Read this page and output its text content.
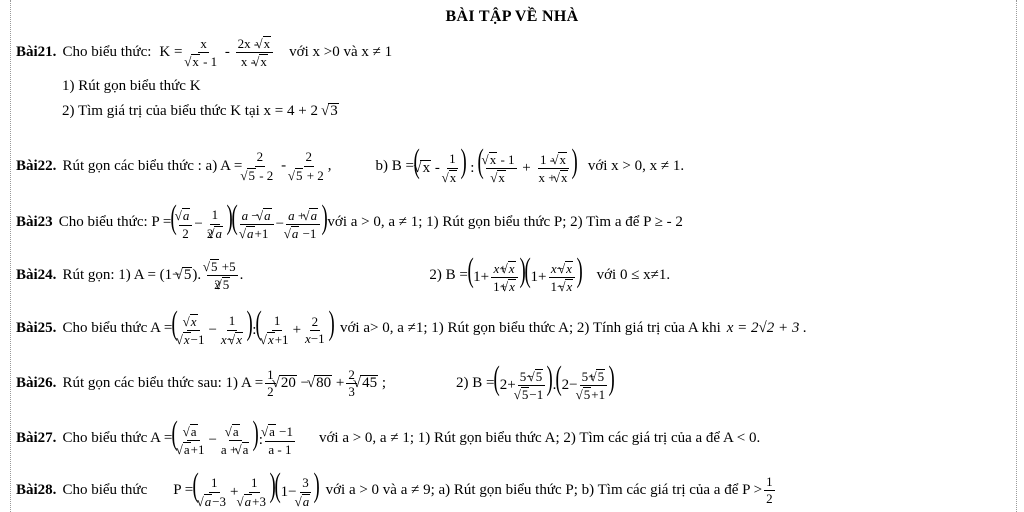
BÀI TẬP VỀ NHÀ
Bài21. Cho biểu thức: K = x
√ x - $1 - \frac{2x - √ x}{x - √ x}$ với x >0 và x ≠ 1
1) Rút gọn biểu thức K
2) Tìm giá trị của biểu thức K tại x = 4 + 2 √ 3
Bài22. Rút gọn các biểu thức : a) A = 2
√ 5 - 2 - 2
√ 5 + 2 ,	b) B = ( √ x - 1
√ x ) : ( √ x - 1
√ $x + \frac{1 - √ x}{x + √ x}$ ) với x > 0, x ≠ 1.
Bài23 Cho biểu thức: P = ( √ $\frac{a}{2} - \frac{1}{2 √ a}$ )( a − √ a
√ a+1 − a + √ a
√ a −1 ) với a > 0, a ≠ 1; 1) Rút gọn biểu thức P; 2) Tìm a để P ≥ - 2
Bài24. Rút gọn: 1) A = (1− √ 5). √ $\frac{5 +5}{2 √ 5}$ .	2) $B = (1+ \frac{x+ √ x}{1+ √ x} )(1+ \frac{x- √ x}{1- √ x}$ ) với 0 ≤ x≠1.
Bài25. Cho biểu thức A = ( √ x
√ $x-1 - \frac{1}{x- √ x}$ ):( 1
√ $x+1 + \frac{2}{x-1}$ ) với a> 0, a ≠1; 1) Rút gọn biểu thức A; 2) Tính giá trị của A khi x = 2√2 + 3 .
Bài26. Rút gọn các biểu thức sau: 1) $A = \frac{1}{2}$ √ 20 − √ $80 + \frac{2}{3}$ √ 45 ;	2) B = (2+ 5− √ 5
√ 5−1 ).(2− 5+ √ 5
√ 5+1 )
Bài27. Cho biểu thức A = ( √ a
√ a+1 − √ $\frac{a}{a + √ a}$ ): √ $\frac{a -1}{a - 1}$ với a > 0, a ≠ 1; 1) Rút gọn biểu thức A; 2) Tìm các giá trị của a để A < 0.
Bài28. Cho biểu thức P = ( 1
√ a−3 + 1
√ a+3 )(1− 3
√ a ) với a > 0 và a ≠ 9; a) Rút gọn biểu thức P; b) Tìm các giá trị của a để $P > \frac{1}{2}$
